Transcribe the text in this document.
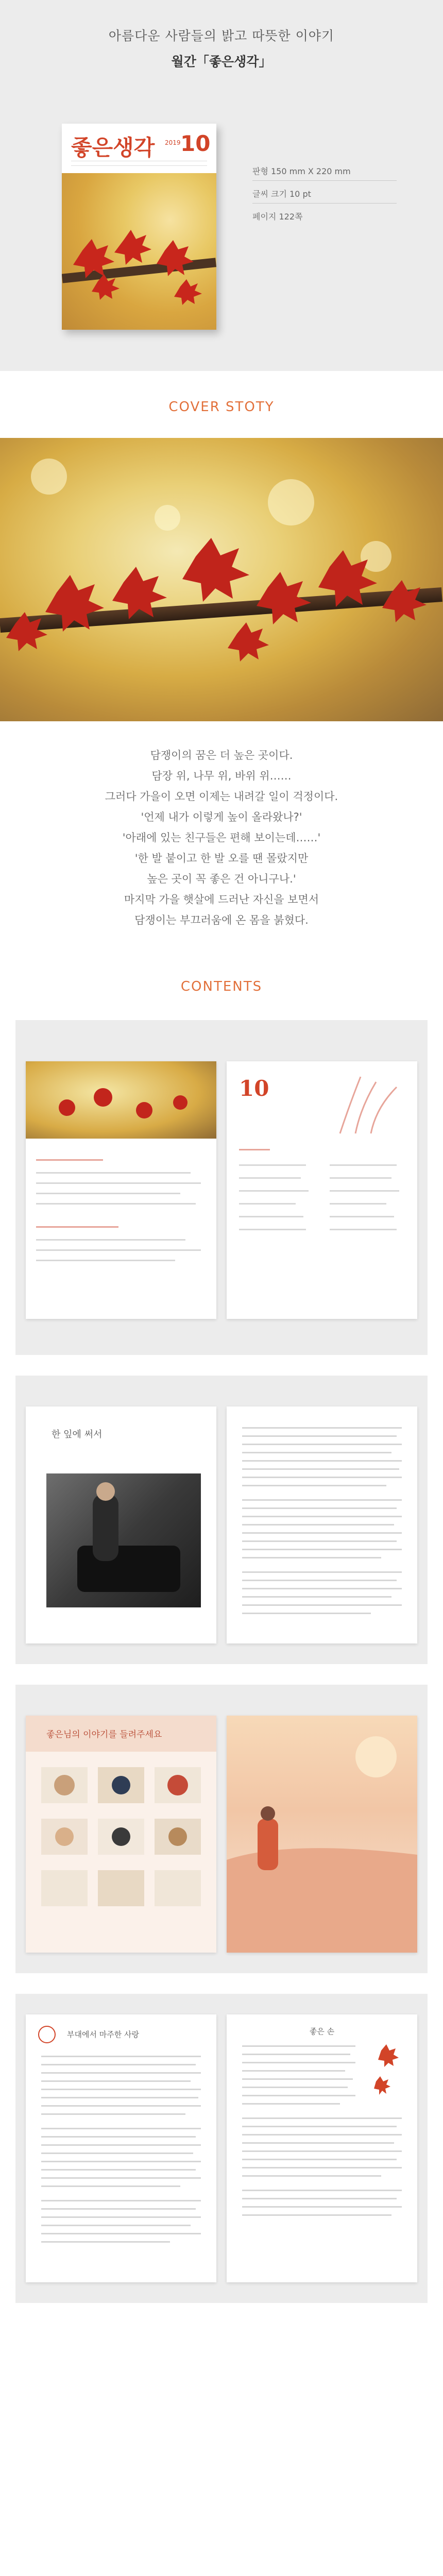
아름다운 사람들의 밝고 따뜻한 이야기
월간「좋은생각」
좋은생각 2019 10
판형 150 mm X 220 mm
글씨 크기 10 pt
페이지 122쪽
COVER STOTY
담쟁이의 꿈은 더 높은 곳이다.
담장 위, 나무 위, 바위 위……
그러다 가을이 오면 이제는 내려갈 일이 걱정이다.
'언제 내가 이렇게 높이 올라왔나?'
'아래에 있는 친구들은 편해 보이는데……'
'한 발 붙이고 한 발 오를 땐 몰랐지만
높은 곳이 꼭 좋은 건 아니구나.'
마지막 가을 햇살에 드러난 자신을 보면서
담쟁이는 부끄러움에 온 몸을 붉혔다.
CONTENTS
10
한 잎에 써서
좋은님의 이야기를 들려주세요
부대에서 마주한 사랑	좋은 손
